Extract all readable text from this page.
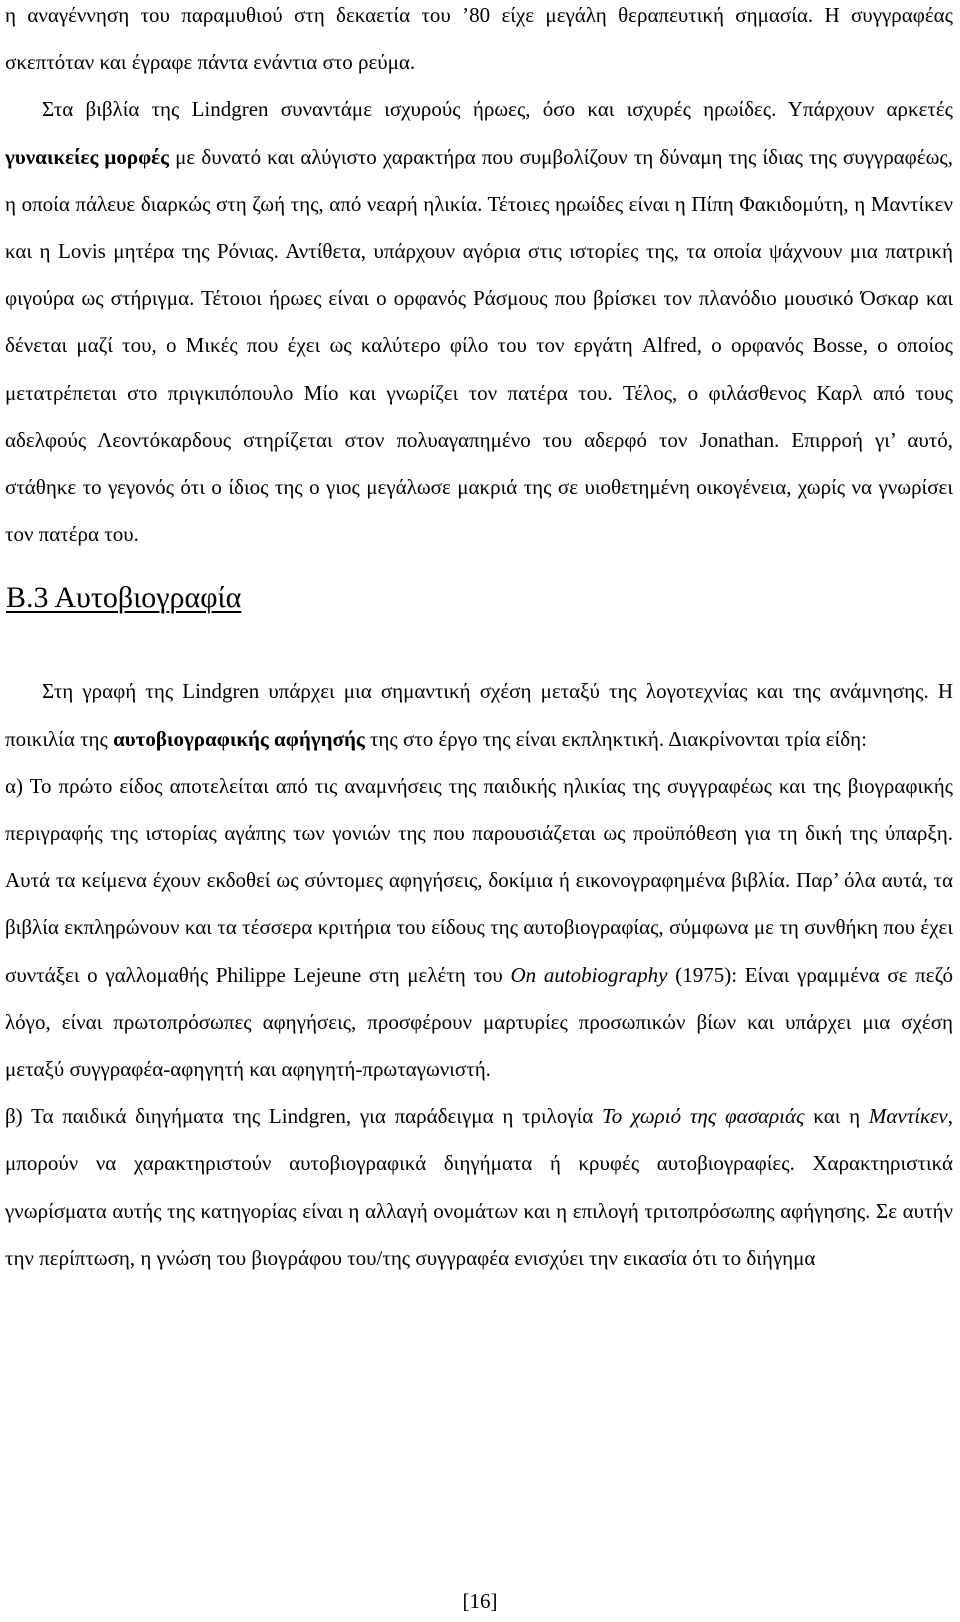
η αναγέννηση του παραμυθιού στη δεκαετία του ’80 είχε μεγάλη θεραπευτική σημασία. Η συγγραφέας σκεπτόταν και έγραφε πάντα ενάντια στο ρεύμα.

Στα βιβλία της Lindgren συναντάμε ισχυρούς ήρωες, όσο και ισχυρές ηρωίδες. Υπάρχουν αρκετές γυναικείες μορφές με δυνατό και αλύγιστο χαρακτήρα που συμβολίζουν τη δύναμη της ίδιας της συγγραφέως, η οποία πάλευε διαρκώς στη ζωή της, από νεαρή ηλικία. Τέτοιες ηρωίδες είναι η Πίπη Φακιδομύτη, η Μαντίκεν και η Lovis μητέρα της Ρόνιας. Αντίθετα, υπάρχουν αγόρια στις ιστορίες της, τα οποία ψάχνουν μια πατρική φιγούρα ως στήριγμα. Τέτοιοι ήρωες είναι ο ορφανός Ράσμους που βρίσκει τον πλανόδιο μουσικό Όσκαρ και δένεται μαζί του, ο Μικές που έχει ως καλύτερο φίλο του τον εργάτη Alfred, ο ορφανός Bosse, ο οποίος μετατρέπεται στο πριγκιπόπουλο Μίο και γνωρίζει τον πατέρα του. Τέλος, ο φιλάσθενος Καρλ από τους αδελφούς Λεοντόκαρδους στηρίζεται στον πολυαγαπημένο του αδερφό τον Jonathan. Επιρροή γι’ αυτό, στάθηκε το γεγονός ότι ο ίδιος της ο γιος μεγάλωσε μακριά της σε υιοθετημένη οικογένεια, χωρίς να γνωρίσει τον πατέρα του.

Β.3 Αυτοβιογραφία

Στη γραφή της Lindgren υπάρχει μια σημαντική σχέση μεταξύ της λογοτεχνίας και της ανάμνησης. Η ποικιλία της αυτοβιογραφικής αφήγησής της στο έργο της είναι εκπληκτική. Διακρίνονται τρία είδη:

α) Το πρώτο είδος αποτελείται από τις αναμνήσεις της παιδικής ηλικίας της συγγραφέως και της βιογραφικής περιγραφής της ιστορίας αγάπης των γονιών της που παρουσιάζεται ως προϋπόθεση για τη δική της ύπαρξη. Αυτά τα κείμενα έχουν εκδοθεί ως σύντομες αφηγήσεις, δοκίμια ή εικονογραφημένα βιβλία. Παρ’ όλα αυτά, τα βιβλία εκπληρώνουν και τα τέσσερα κριτήρια του είδους της αυτοβιογραφίας, σύμφωνα με τη συνθήκη που έχει συντάξει ο γαλλομαθής Philippe Lejeune στη μελέτη του On autobiography (1975): Είναι γραμμένα σε πεζό λόγο, είναι πρωτοπρόσωπες αφηγήσεις, προσφέρουν μαρτυρίες προσωπικών βίων και υπάρχει μια σχέση μεταξύ συγγραφέα-αφηγητή και αφηγητή-πρωταγωνιστή.

β) Τα παιδικά διηγήματα της Lindgren, για παράδειγμα η τριλογία Το χωριό της φασαριάς και η Μαντίκεν, μπορούν να χαρακτηριστούν αυτοβιογραφικά διηγήματα ή κρυφές αυτοβιογραφίες. Χαρακτηριστικά γνωρίσματα αυτής της κατηγορίας είναι η αλλαγή ονομάτων και η επιλογή τριτοπρόσωπης αφήγησης. Σε αυτήν την περίπτωση, η γνώση του βιογράφου του/της συγγραφέα ενισχύει την εικασία ότι το διήγημα

[16]
